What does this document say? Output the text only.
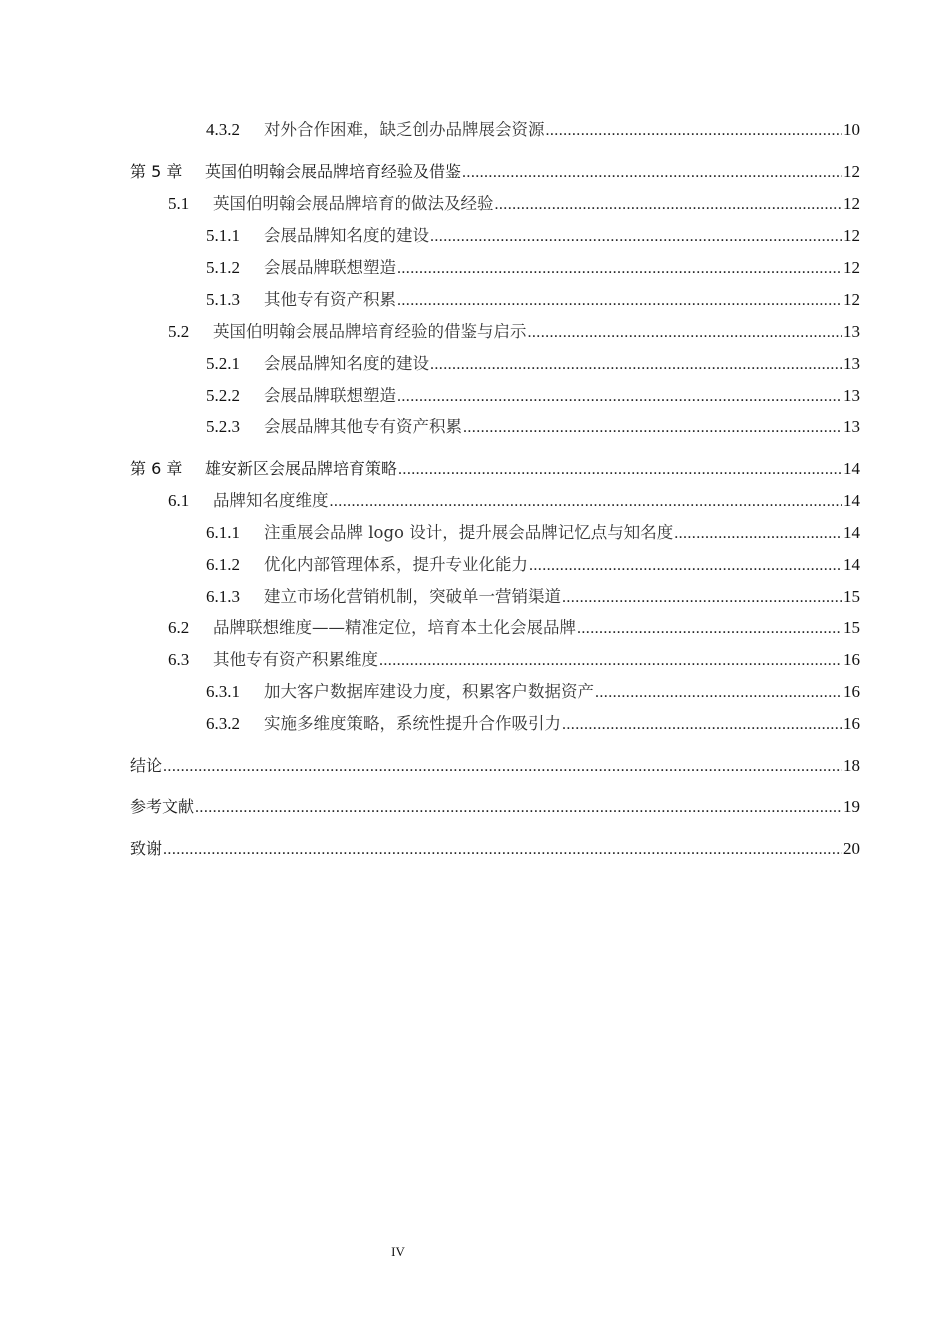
4.3.2	对外合作困难，缺乏创办品牌展会资源 .....	10
第 5 章	英国伯明翰会展品牌培育经验及借鉴 .....	12
5.1	英国伯明翰会展品牌培育的做法及经验 .....	12
5.1.1	会展品牌知名度的建设 .....	12
5.1.2	会展品牌联想塑造 .....	12
5.1.3	其他专有资产积累 .....	12
5.2	英国伯明翰会展品牌培育经验的借鉴与启示 .....	13
5.2.1	会展品牌知名度的建设 .....	13
5.2.2	会展品牌联想塑造 .....	13
5.2.3	会展品牌其他专有资产积累 .....	13
第 6 章	雄安新区会展品牌培育策略 .....	14
6.1	品牌知名度维度 .....	14
6.1.1	注重展会品牌 logo 设计，提升展会品牌记忆点与知名度 .....	14
6.1.2	优化内部管理体系，提升专业化能力 .....	14
6.1.3	建立市场化营销机制，突破单一营销渠道 .....	15
6.2	品牌联想维度——精准定位，培育本土化会展品牌 .....	15
6.3	其他专有资产积累维度 .....	16
6.3.1	加大客户数据库建设力度，积累客户数据资产 .....	16
6.3.2	实施多维度策略，系统性提升合作吸引力 .....	16
结论 .....	18
参考文献 .....	19
致谢 .....	20
IV
